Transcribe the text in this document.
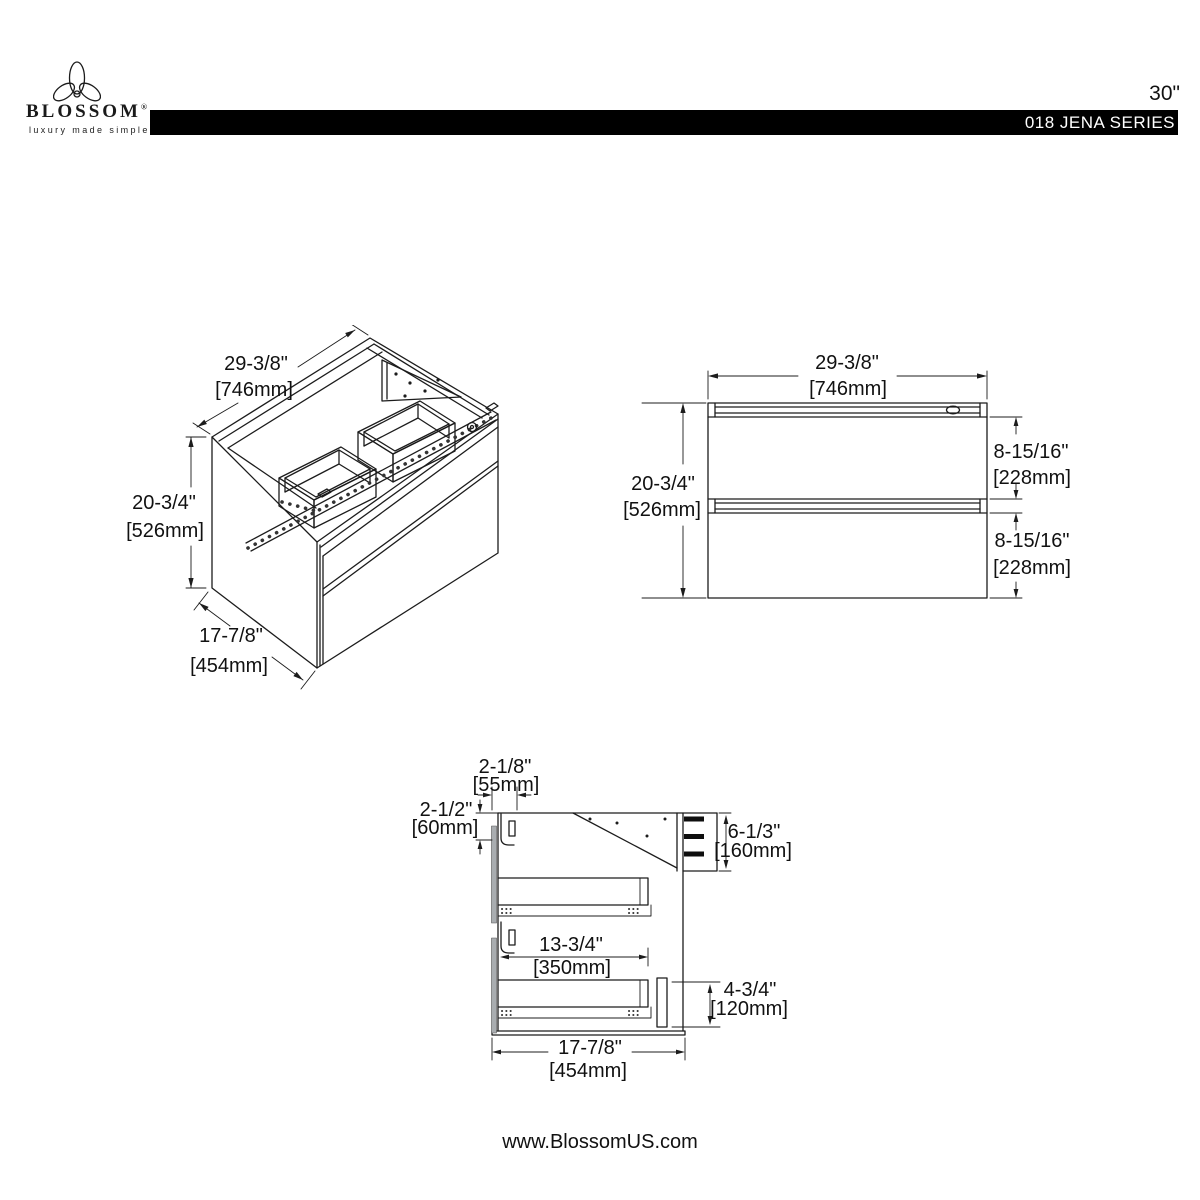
BLOSSOM®
luxury made simple
30"
018 JENA SERIES
29-3/8"
[746mm]
20-3/4"
[526mm]
17-7/8"
[454mm]
29-3/8"
[746mm]
20-3/4"
[526mm]
8-15/16"
[228mm]
8-15/16"
[228mm]
2-1/8"
[55mm]
2-1/2"
[60mm]	6-1/3"
[160mm]
13-3/4"
[350mm]
4-3/4"
[120mm]
17-7/8"
[454mm]
www.BlossomUS.com
